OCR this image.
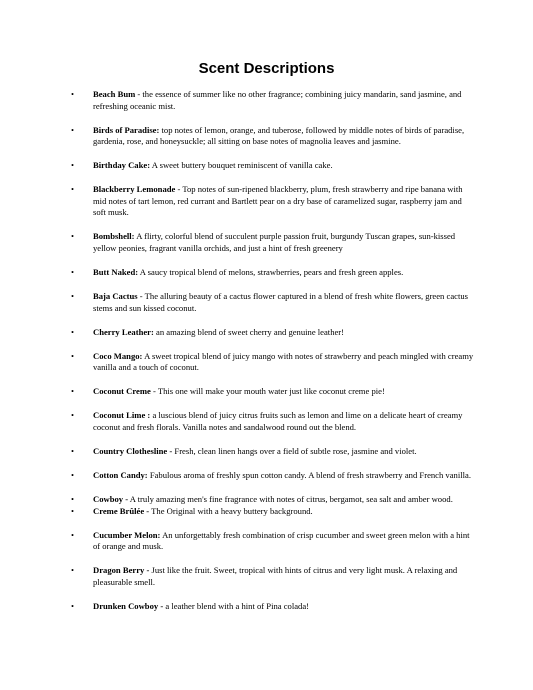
Scent Descriptions
• Beach Bum - the essence of summer like no other fragrance; combining juicy mandarin, sand jasmine, and refreshing oceanic mist.
• Birds of Paradise: top notes of lemon, orange, and tuberose, followed by middle notes of birds of paradise, gardenia, rose, and honeysuckle; all sitting on base notes of magnolia leaves and jasmine.
• Birthday Cake: A sweet buttery bouquet reminiscent of vanilla cake.
• Blackberry Lemonade - Top notes of sun-ripened blackberry, plum, fresh strawberry and ripe banana with mid notes of tart lemon, red currant and Bartlett pear on a dry base of caramelized sugar, raspberry jam and soft musk.
• Bombshell: A flirty, colorful blend of succulent purple passion fruit, burgundy Tuscan grapes, sun-kissed yellow peonies, fragrant vanilla orchids, and just a hint of fresh greenery
• Butt Naked: A saucy tropical blend of melons, strawberries, pears and fresh green apples.
• Baja Cactus - The alluring beauty of a cactus flower captured in a blend of fresh white flowers, green cactus stems and sun kissed coconut.
• Cherry Leather: an amazing blend of sweet cherry and genuine leather!
• Coco Mango: A sweet tropical blend of juicy mango with notes of strawberry and peach mingled with creamy vanilla and a touch of coconut.
• Coconut Creme - This one will make your mouth water just like coconut creme pie!
• Coconut Lime : a luscious blend of juicy citrus fruits such as lemon and lime on a delicate heart of creamy coconut and fresh florals. Vanilla notes and sandalwood round out the blend.
• Country Clothesline - Fresh, clean linen hangs over a field of subtle rose, jasmine and violet.
• Cotton Candy: Fabulous aroma of freshly spun cotton candy. A blend of fresh strawberry and French vanilla.
• Cowboy - A truly amazing men's fine fragrance with notes of citrus, bergamot, sea salt and amber wood.
• Creme Brûlée - The Original with a heavy buttery background.
• Cucumber Melon: An unforgettably fresh combination of crisp cucumber and sweet green melon with a hint of orange and musk.
• Dragon Berry - Just like the fruit. Sweet, tropical with hints of citrus and very light musk. A relaxing and pleasurable smell.
• Drunken Cowboy - a leather blend with a hint of Pina colada!
